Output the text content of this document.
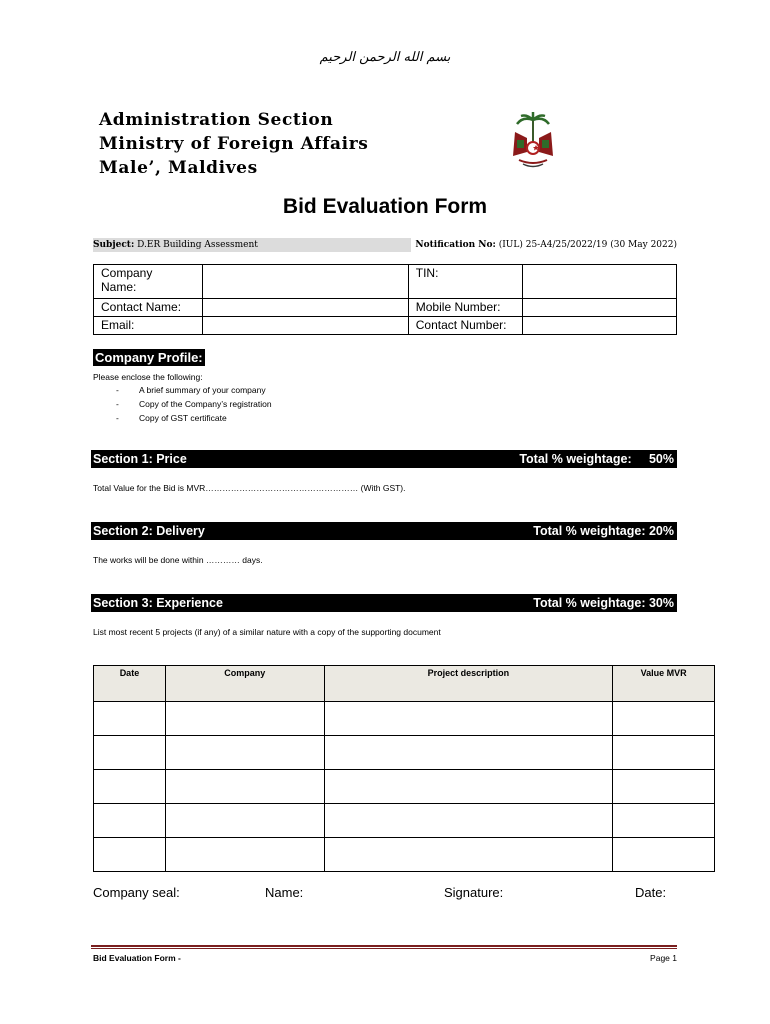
بسم الله الرحمن الرحيم
Administration Section
Ministry of Foreign Affairs
Male’, Maldives
Bid Evaluation Form
Subject: D.ER Building Assessment	Notification No: (IUL) 25-A4/25/2022/19 (30 May 2022)
Company Name:		TIN:	
Contact Name:		Mobile Number:	
Email:		Contact Number:	
Company Profile:
Please enclose the following:
- A brief summary of your company
- Copy of the Company’s registration
- Copy of GST certificate
Section 1: Price	Total % weightage:     50%
Total Value for the Bid is MVR……………………………………………… (With GST).
Section 2: Delivery	Total % weightage: 20%
The works will be done within ………… days.
Section 3: Experience	Total % weightage: 30%
List most recent 5 projects (if any) of a similar nature with a copy of the supporting document
Date	Company	Project description	Value MVR

Company seal:	Name:	Signature:	Date:
Bid Evaluation Form -	Page 1
